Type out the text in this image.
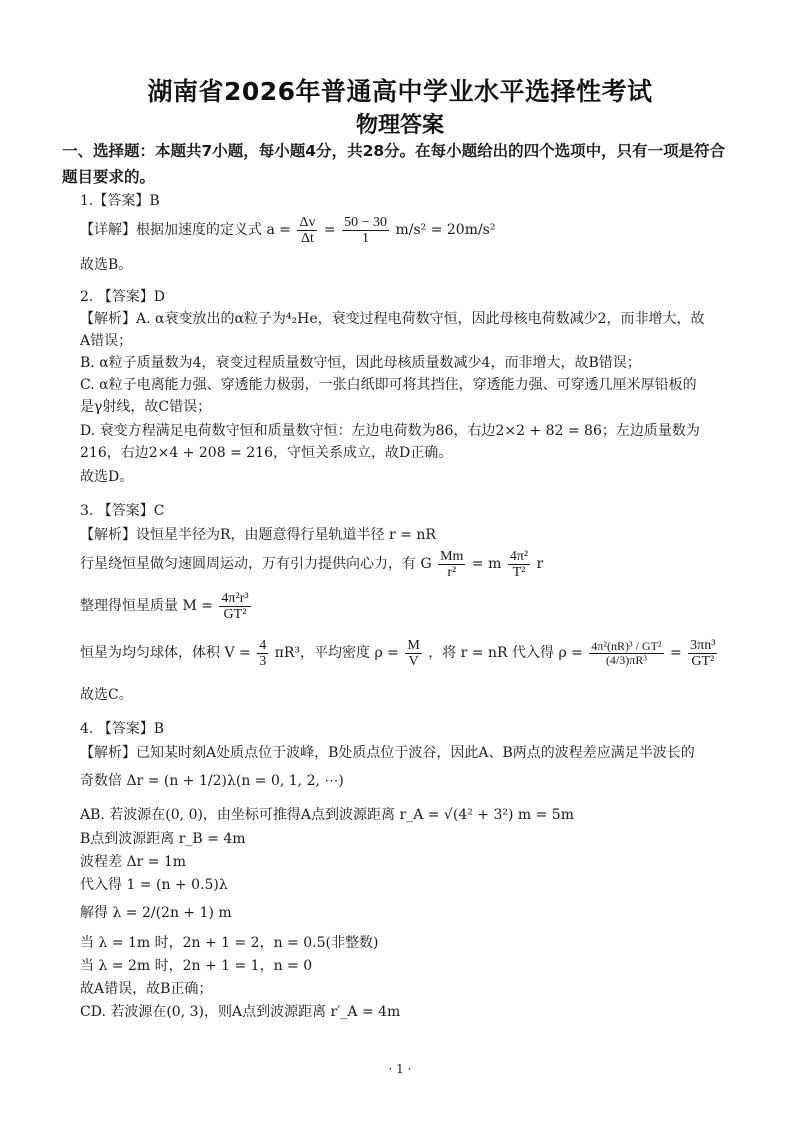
湖南省2026年普通高中学业水平选择性考试
物理答案
一、选择题：本题共7小题，每小题4分，共28分。在每小题给出的四个选项中，只有一项是符合
题目要求的。
1.【答案】B
【详解】根据加速度的定义式 $a = \frac{\Delta v}{\Delta t} = \frac{50 - 30}{1} m/s^2 = 20m/s^2$
故选B。
2. 【答案】D
【解析】A. α衰变放出的α粒子为⁴₂He，衰变过程电荷数守恒，因此母核电荷数减少2，而非增大，故
A错误；
B. α粒子质量数为4，衰变过程质量数守恒，因此母核质量数减少4，而非增大，故B错误；
C. α粒子电离能力强、穿透能力极弱，一张白纸即可将其挡住，穿透能力强、可穿透几厘米厚铅板的
是γ射线，故C错误；
D. 衰变方程满足电荷数守恒和质量数守恒：左边电荷数为86，右边2×2 + 82 = 86；左边质量数为
216，右边2×4 + 208 = 216，守恒关系成立，故D正确。
故选D。
3. 【答案】C
【解析】设恒星半径为R，由题意得行星轨道半径 r = nR
行星绕恒星做匀速圆周运动，万有引力提供向心力，有 G $\frac{Mm}{\text{r²}} = m \frac{\text{4π²}}{\text{T²}}$ r
整理得恒星质量 $M = \frac{\text{4π²r³}}{\text{GT²}}$
恒星为均匀球体，体积 $V = \frac{4}{3} \pi R^3$，平均密度 $\rho = \frac{M}{V}$ ，将 r = nR 代入得 $\rho = \frac{\text{4π²(nR)³ / GT²}}{\text{(4/3)πR³}} = \frac{\text{3πn³}}{\text{GT²}}$
故选C。
4. 【答案】B
【解析】已知某时刻A处质点位于波峰，B处质点位于波谷，因此A、B两点的波程差应满足半波长的
奇数倍 Δr = (n + 1/2)λ(n = 0, 1, 2, ⋯)
AB. 若波源在(0, 0)，由坐标可推得A点到波源距离 r_A = √(4² + 3²) m = 5m
B点到波源距离 r_B = 4m
波程差 Δr = 1m
代入得 1 = (n + 0.5)λ
解得 λ = 2/(2n + 1) m
当 λ = 1m 时，2n + 1 = 2，n = 0.5(非整数)
当 λ = 2m 时，2n + 1 = 1，n = 0
故A错误，故B正确；
CD. 若波源在(0, 3)，则A点到波源距离 r′_A = 4m
· 1 ·
